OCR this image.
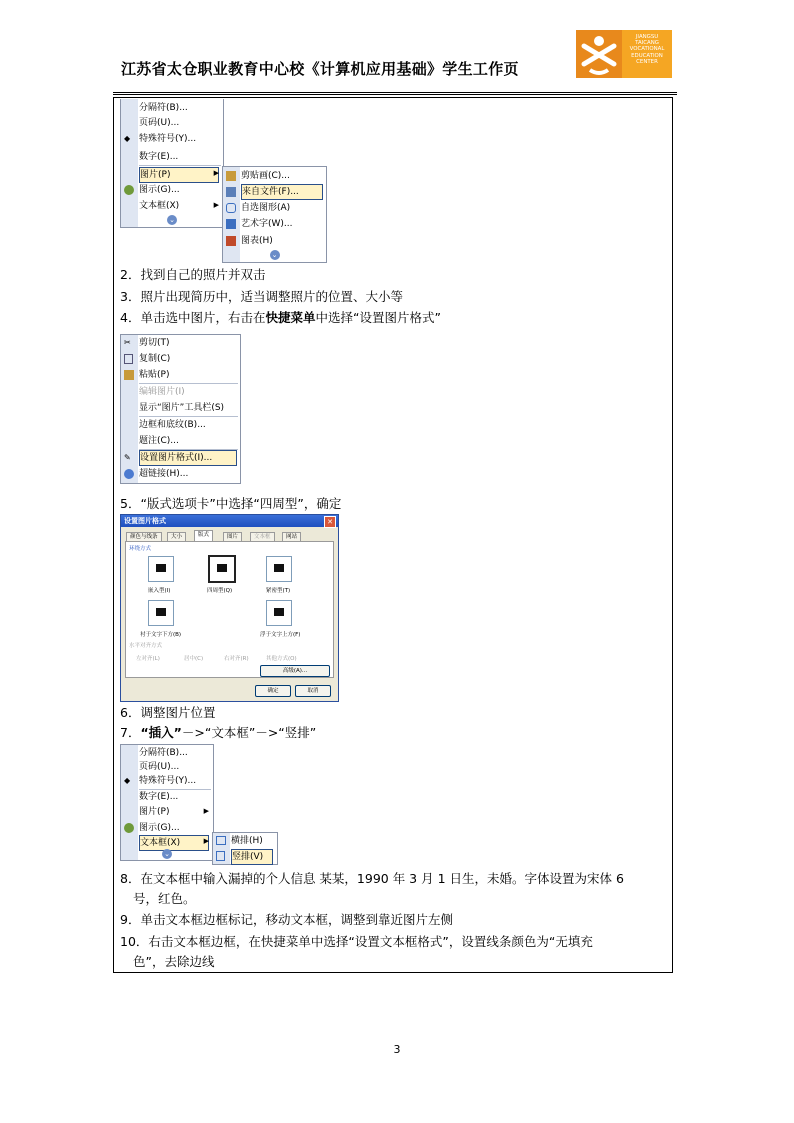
江苏省太仓职业教育中心校《计算机应用基础》学生工作页
JIANGSU
TAICANG
VOCATIONAL
EDUCATION
CENTER
分隔符(B)...
页码(U)...
特殊符号(Y)...
◆
数字(E)...
图片(P)	▶
图示(G)...
文本框(X)	▶
⌄
剪贴画(C)...
来自文件(F)...
自选图形(A)
艺术字(W)...
图表(H)
⌄
2．找到自己的照片并双击
3．照片出现简历中，适当调整照片的位置、大小等
4．单击选中图片，右击在快捷菜单中选择“设置图片格式”
✂ 剪切(T)
复制(C)
粘贴(P)
编辑图片(I)
显示“图片”工具栏(S)
边框和底纹(B)...
题注(C)...
✎	设置图片格式(I)...
超链接(H)...
5．“版式选项卡”中选择“四周型”，确定
设置图片格式	✕
颜色与线条	大小	版式	图片	文本框	网站
环绕方式
嵌入型(I)	四周型(Q)	紧密型(T)
衬于文字下方(B)	浮于文字上方(F)
水平对齐方式
左对齐(L)	居中(C)	右对齐(R)	其他方式(O)
高级(A)...
确定	取消
6．调整图片位置
7．“插入”－>“文本框”－>“竖排”
分隔符(B)...
页码(U)...
◆ 特殊符号(Y)...
数字(E)...
图片(P)	▶
图示(G)...
文本框(X)	▶
⌄
横排(H)
竖排(V)
8．在文本框中输入漏掉的个人信息 某某，1990 年 3 月 1 日生，未婚。字体设置为宋体 6
号，红色。
9．单击文本框边框标记，移动文本框，调整到靠近图片左侧
10．右击文本框边框，在快捷菜单中选择“设置文本框格式”，设置线条颜色为“无填充
色”，去除边线
3
